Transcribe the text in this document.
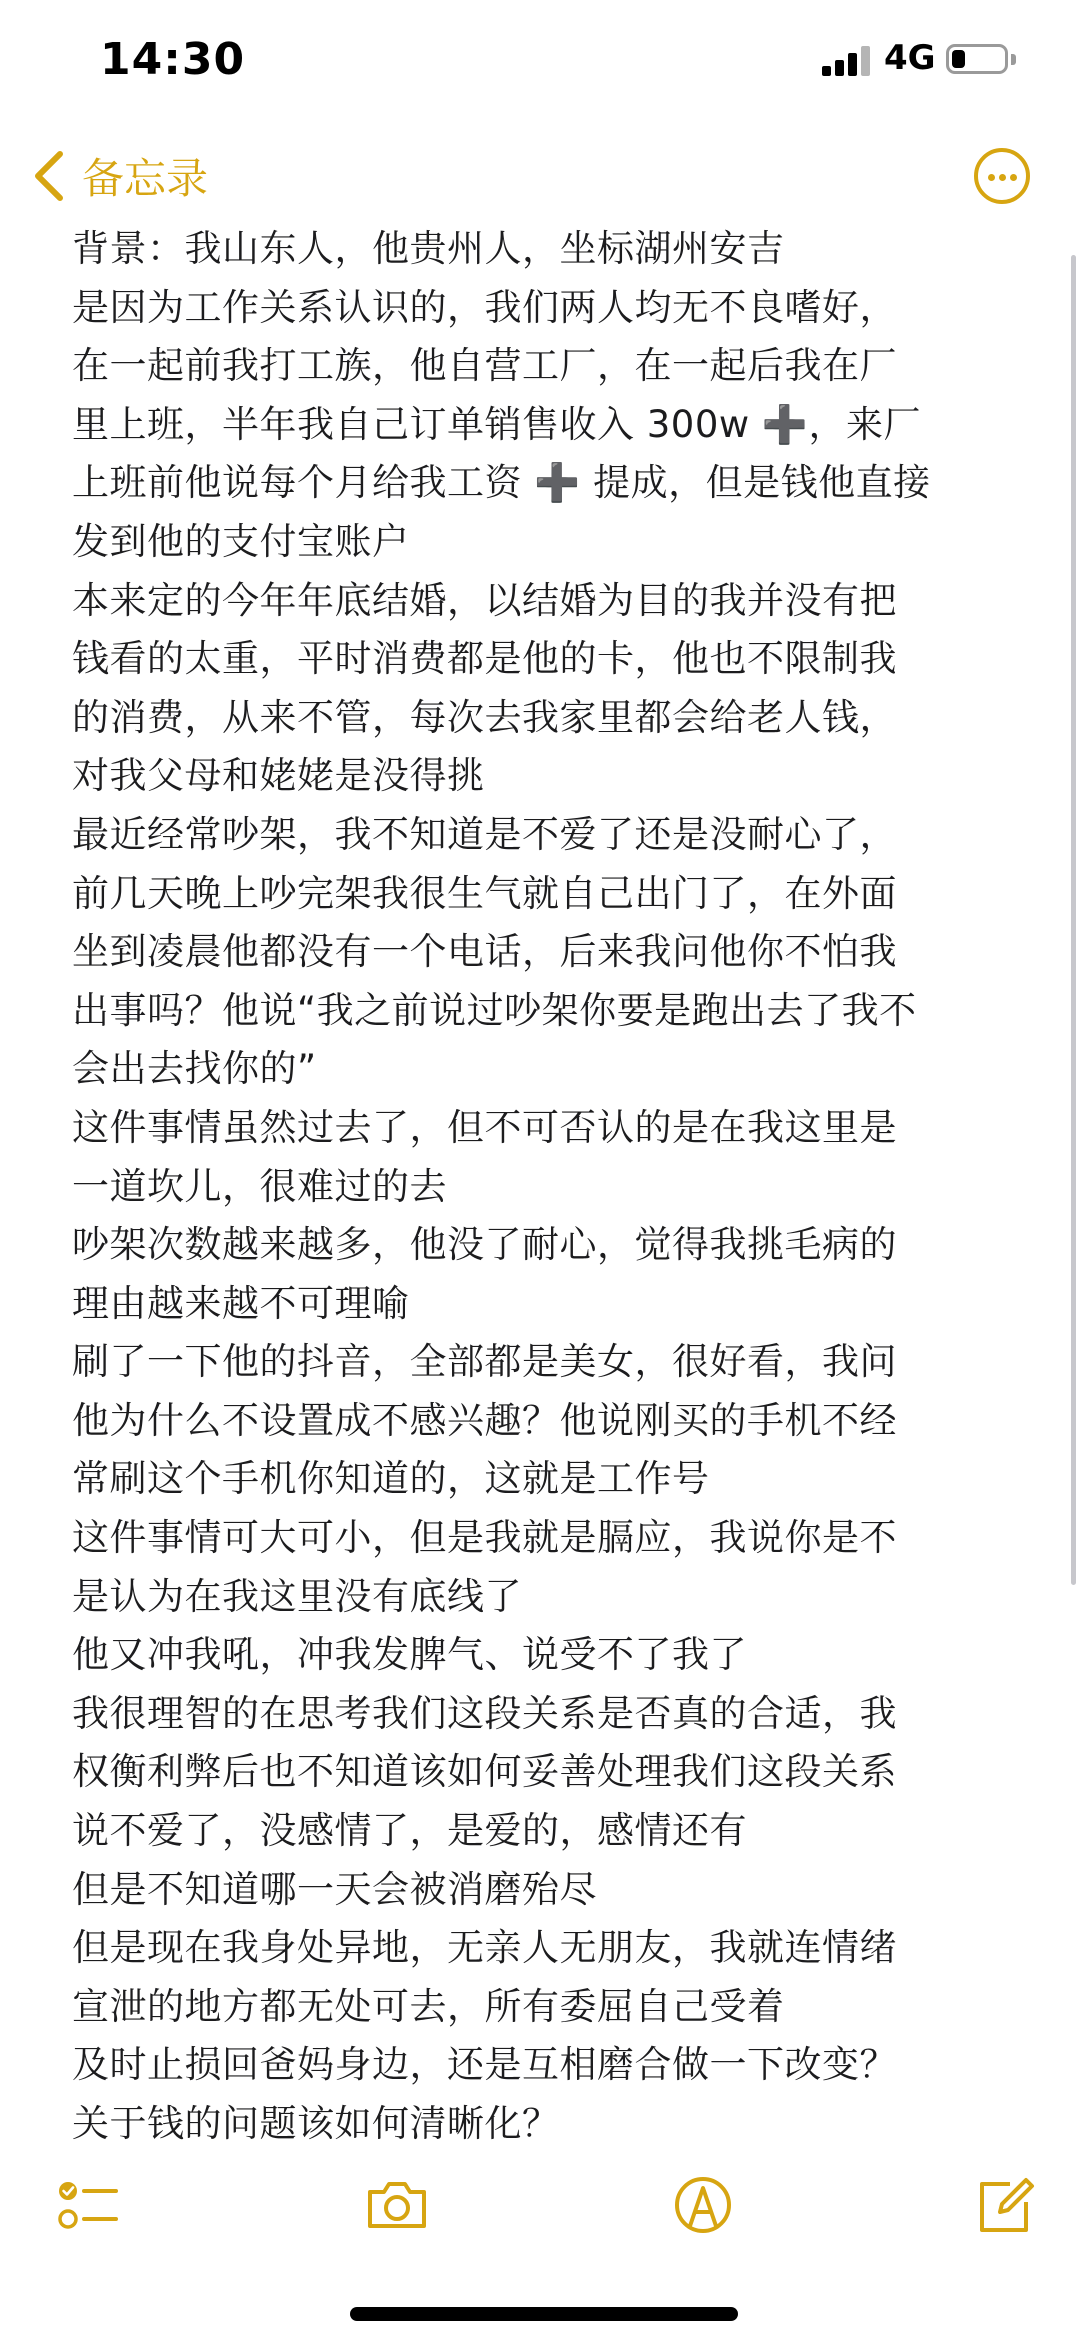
14:30	4G
备忘录
背景：我山东人，他贵州人，坐标湖州安吉
是因为工作关系认识的，我们两人均无不良嗜好，
在一起前我打工族，他自营工厂，在一起后我在厂
里上班，半年我自己订单销售收入 300w ➕，来厂
上班前他说每个月给我工资 ➕ 提成，但是钱他直接
发到他的支付宝账户
本来定的今年年底结婚，以结婚为目的我并没有把
钱看的太重，平时消费都是他的卡，他也不限制我
的消费，从来不管，每次去我家里都会给老人钱，
对我父母和姥姥是没得挑
最近经常吵架，我不知道是不爱了还是没耐心了，
前几天晚上吵完架我很生气就自己出门了，在外面
坐到凌晨他都没有一个电话，后来我问他你不怕我
出事吗？他说“我之前说过吵架你要是跑出去了我不
会出去找你的”
这件事情虽然过去了，但不可否认的是在我这里是
一道坎儿，很难过的去
吵架次数越来越多，他没了耐心，觉得我挑毛病的
理由越来越不可理喻
刷了一下他的抖音，全部都是美女，很好看，我问
他为什么不设置成不感兴趣？他说刚买的手机不经
常刷这个手机你知道的，这就是工作号
这件事情可大可小，但是我就是膈应，我说你是不
是认为在我这里没有底线了
他又冲我吼，冲我发脾气、说受不了我了
我很理智的在思考我们这段关系是否真的合适，我
权衡利弊后也不知道该如何妥善处理我们这段关系
说不爱了，没感情了，是爱的，感情还有
但是不知道哪一天会被消磨殆尽
但是现在我身处异地，无亲人无朋友，我就连情绪
宣泄的地方都无处可去，所有委屈自己受着
及时止损回爸妈身边，还是互相磨合做一下改变？
关于钱的问题该如何清晰化？
